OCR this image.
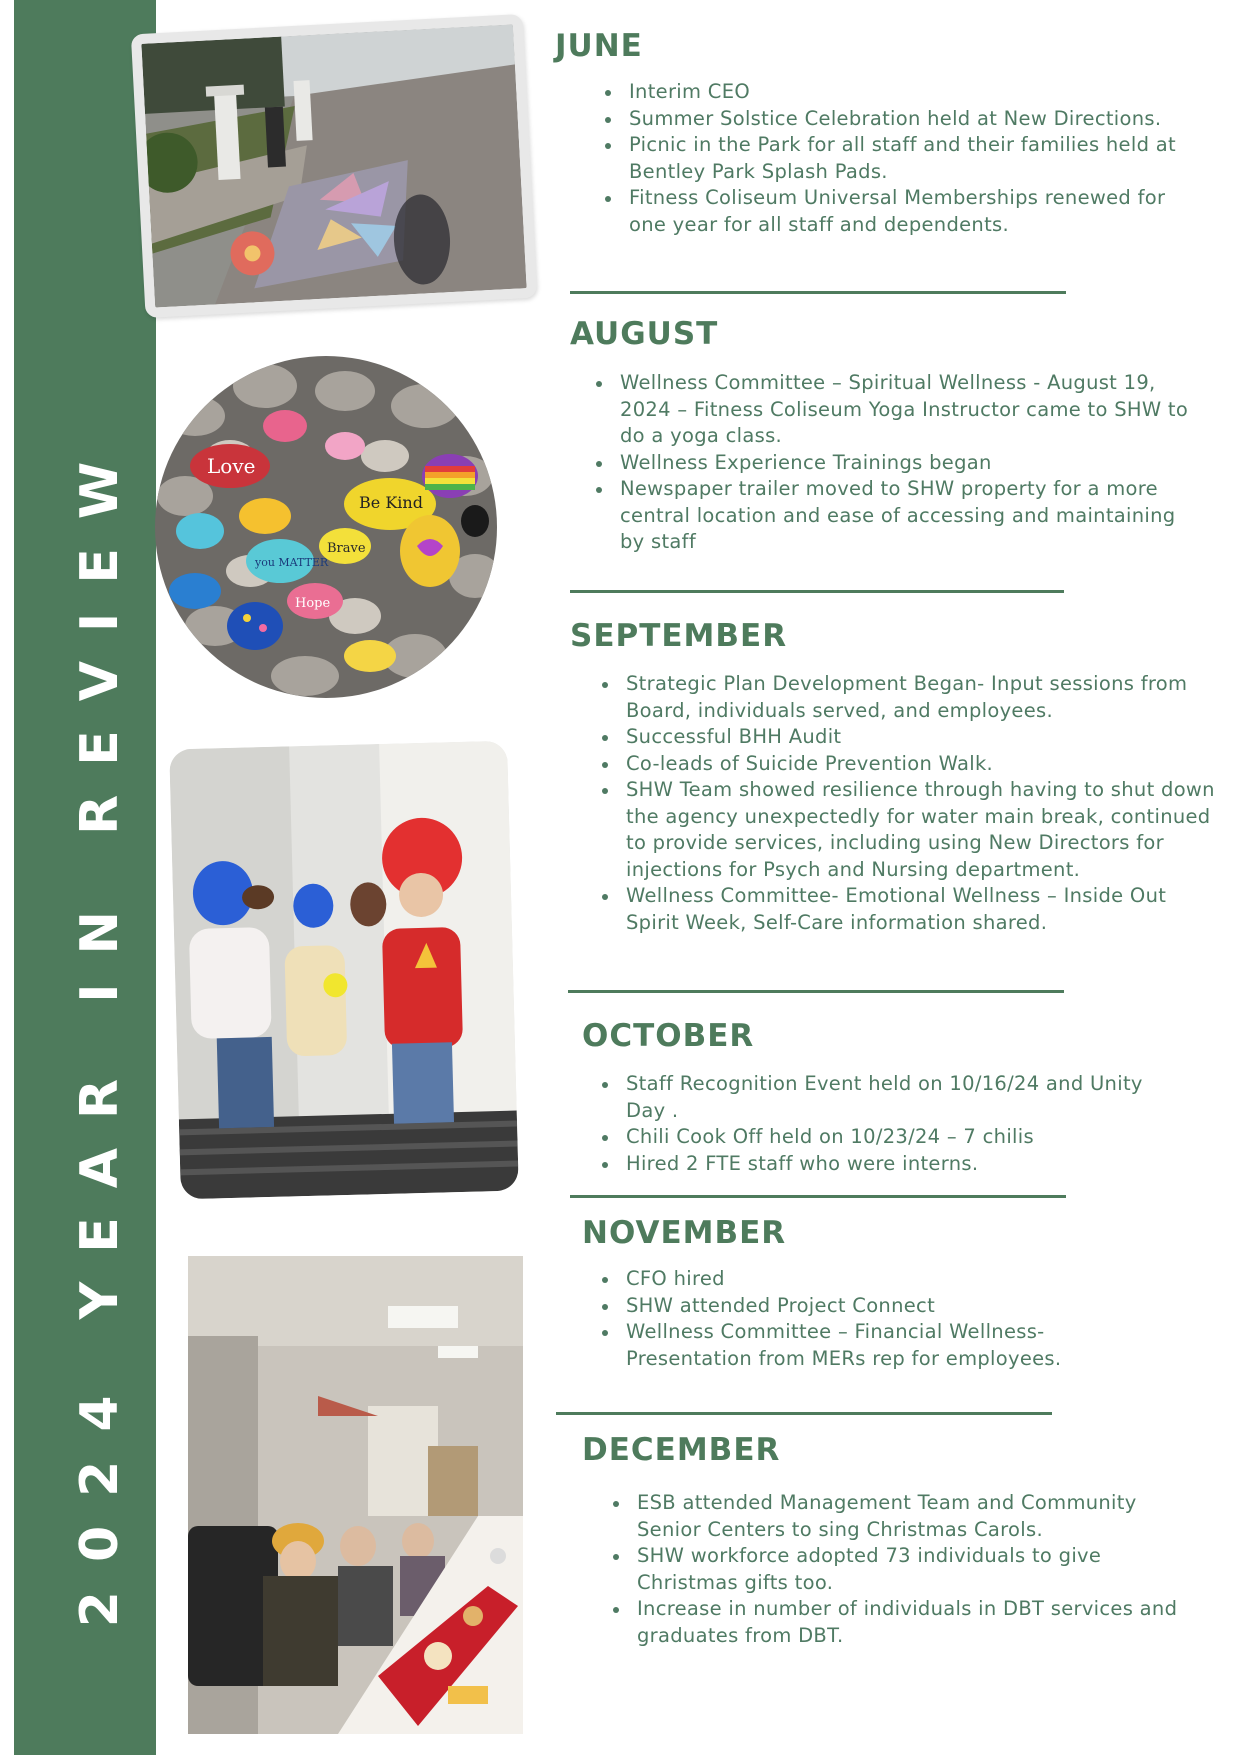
2024 YEAR IN REVIEW	Love
Be Kind
you MATTER
Brave
Hope
JUNE
Interim CEO
Summer Solstice Celebration held at New Directions.
Picnic in the Park for all staff and their families held at Bentley Park Splash Pads.
Fitness Coliseum Universal Memberships renewed for one year for all staff and dependents.
AUGUST
Wellness Committee – Spiritual Wellness - August 19, 2024 – Fitness Coliseum Yoga Instructor came to SHW to do a yoga class.
Wellness Experience Trainings began
Newspaper trailer moved to SHW property for a more central location and ease of accessing and maintaining by staff
SEPTEMBER
Strategic Plan Development Began- Input sessions from Board, individuals served, and employees.
Successful BHH Audit
Co-leads of Suicide Prevention Walk.
SHW Team showed resilience through having to shut down the agency unexpectedly for water main break, continued to provide services, including using New Directors for injections for Psych and Nursing department.
Wellness Committee- Emotional Wellness – Inside Out Spirit Week, Self-Care information shared.
OCTOBER
Staff Recognition Event held on 10/16/24 and Unity Day .
Chili Cook Off held on 10/23/24 – 7 chilis
Hired 2 FTE staff who were interns.
NOVEMBER
CFO hired
SHW attended Project Connect
Wellness Committee – Financial Wellness- Presentation from MERs rep for employees.
DECEMBER
ESB attended Management Team and Community Senior Centers to sing Christmas Carols.
SHW workforce adopted 73 individuals to give Christmas gifts too.
Increase in number of individuals in DBT services and graduates from DBT.
